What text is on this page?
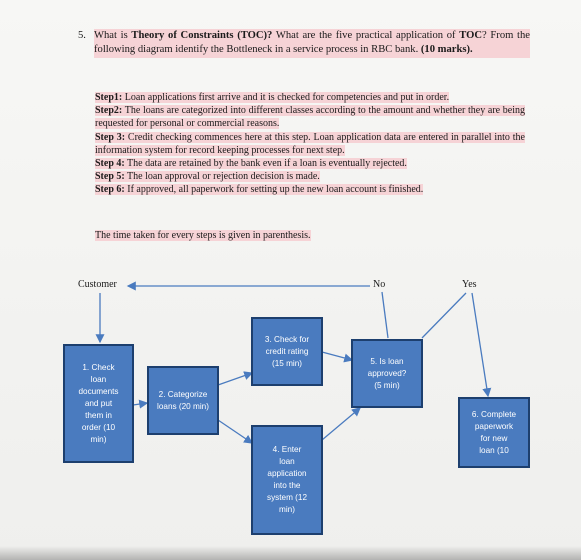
5. What is Theory of Constraints (TOC)? What are the five practical application of TOC? From the following diagram identify the Bottleneck in a service process in RBC bank. (10 marks).

Step1: Loan applications first arrive and it is checked for competencies and put in order.

Step2: The loans are categorized into different classes according to the amount and whether they are being requested for personal or commercial reasons.

Step 3: Credit checking commences here at this step. Loan application data are entered in parallel into the information system for record keeping processes for next step.

Step 4: The data are retained by the bank even if a loan is eventually rejected.

Step 5: The loan approval or rejection decision is made.

Step 6: If approved, all paperwork for setting up the new loan account is finished.

The time taken for every steps is given in parenthesis.
Customer	No	Yes
1. Check
loan
documents
and put
them in
order (10
min)
2. Categorize
loans (20 min)
3. Check for
credit rating
(15 min)
4. Enter
loan
application
into the
system (12
min)
5. Is loan
approved?
(5 min)
6. Complete
paperwork
for new
loan (10
